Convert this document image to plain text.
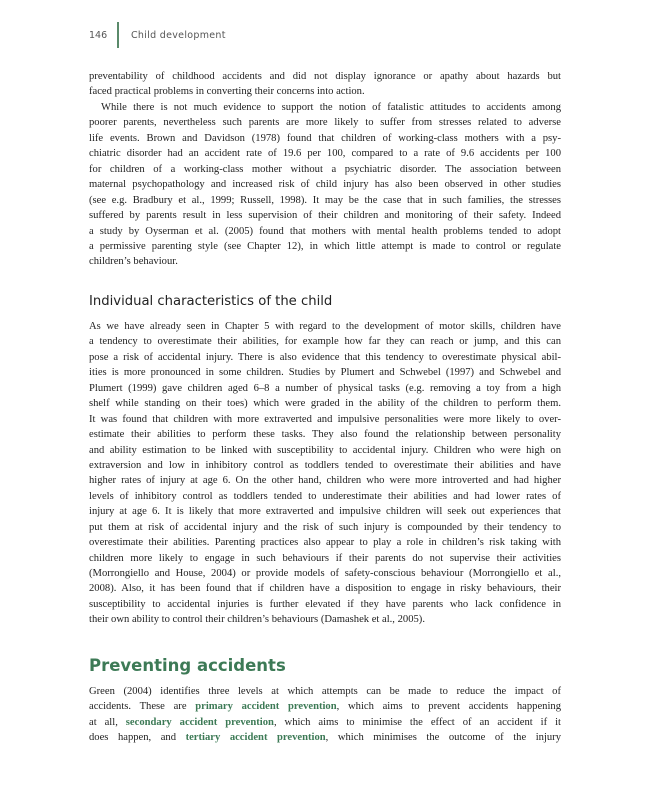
146	Child development
preventability of childhood accidents and did not display ignorance or apathy about hazards but
faced practical problems in converting their concerns into action.
While there is not much evidence to support the notion of fatalistic attitudes to accidents among
poorer parents, nevertheless such parents are more likely to suffer from stresses related to adverse
life events. Brown and Davidson (1978) found that children of working-class mothers with a psy-
chiatric disorder had an accident rate of 19.6 per 100, compared to a rate of 9.6 accidents per 100
for children of a working-class mother without a psychiatric disorder. The association between
maternal psychopathology and increased risk of child injury has also been observed in other studies
(see e.g. Bradbury et al., 1999; Russell, 1998). It may be the case that in such families, the stresses
suffered by parents result in less supervision of their children and monitoring of their safety. Indeed
a study by Oyserman et al. (2005) found that mothers with mental health problems tended to adopt
a permissive parenting style (see Chapter 12), in which little attempt is made to control or regulate
children’s behaviour.
Individual characteristics of the child
As we have already seen in Chapter 5 with regard to the development of motor skills, children have
a tendency to overestimate their abilities, for example how far they can reach or jump, and this can
pose a risk of accidental injury. There is also evidence that this tendency to overestimate physical abil-
ities is more pronounced in some children. Studies by Plumert and Schwebel (1997) and Schwebel and
Plumert (1999) gave children aged 6–8 a number of physical tasks (e.g. removing a toy from a high
shelf while standing on their toes) which were graded in the ability of the children to perform them.
It was found that children with more extraverted and impulsive personalities were more likely to over-
estimate their abilities to perform these tasks. They also found the relationship between personality
and ability estimation to be linked with susceptibility to accidental injury. Children who were high on
extraversion and low in inhibitory control as toddlers tended to overestimate their abilities and have
higher rates of injury at age 6. On the other hand, children who were more introverted and had higher
levels of inhibitory control as toddlers tended to underestimate their abilities and had lower rates of
injury at age 6. It is likely that more extraverted and impulsive children will seek out experiences that
put them at risk of accidental injury and the risk of such injury is compounded by their tendency to
overestimate their abilities. Parenting practices also appear to play a role in children’s risk taking with
children more likely to engage in such behaviours if their parents do not supervise their activities
(Morrongiello and House, 2004) or provide models of safety-conscious behaviour (Morrongiello et al.,
2008). Also, it has been found that if children have a disposition to engage in risky behaviours, their
susceptibility to accidental injuries is further elevated if they have parents who lack confidence in
their own ability to control their children’s behaviours (Damashek et al., 2005).
Preventing accidents
Green (2004) identifies three levels at which attempts can be made to reduce the impact of
accidents. These are primary accident prevention, which aims to prevent accidents happening
at all, secondary accident prevention, which aims to minimise the effect of an accident if it
does happen, and tertiary accident prevention, which minimises the outcome of the injury
